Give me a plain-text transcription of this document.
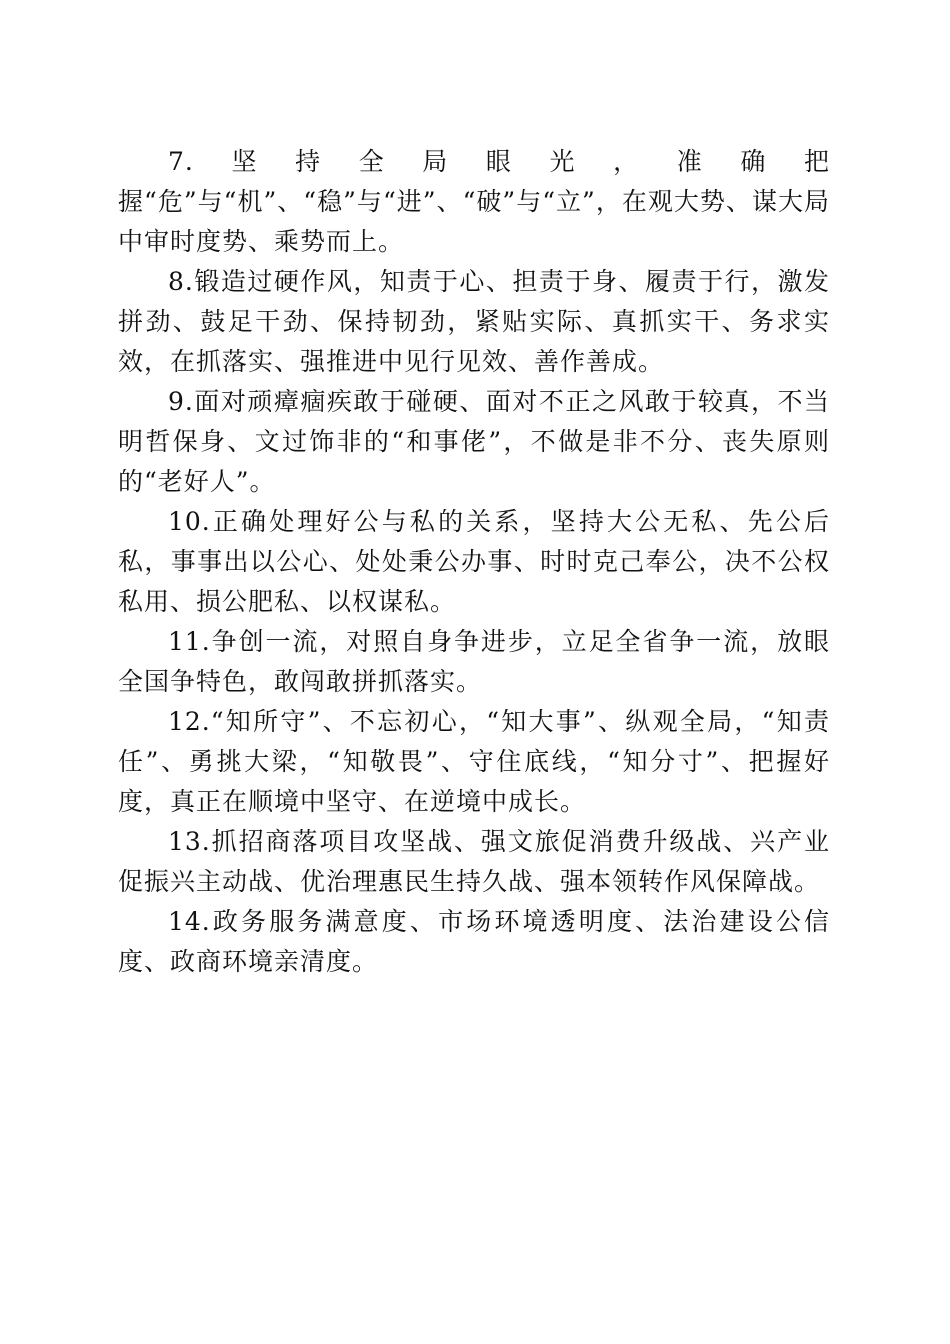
7.坚持全局眼光，准确把握“危”与“机”、“稳”与“进”、“破”与“立”，在观大势、谋大局中审时度势、乘势而上。

8.锻造过硬作风，知责于心、担责于身、履责于行，激发拼劲、鼓足干劲、保持韧劲，紧贴实际、真抓实干、务求实效，在抓落实、强推进中见行见效、善作善成。

9.面对顽瘴痼疾敢于碰硬、面对不正之风敢于较真，不当明哲保身、文过饰非的“和事佬”，不做是非不分、丧失原则的“老好人”。

10.正确处理好公与私的关系，坚持大公无私、先公后私，事事出以公心、处处秉公办事、时时克己奉公，决不公权私用、损公肥私、以权谋私。

11.争创一流，对照自身争进步，立足全省争一流，放眼全国争特色，敢闯敢拼抓落实。

12.“知所守”、不忘初心，“知大事”、纵观全局，“知责任”、勇挑大梁，“知敬畏”、守住底线，“知分寸”、把握好度，真正在顺境中坚守、在逆境中成长。

13.抓招商落项目攻坚战、强文旅促消费升级战、兴产业促振兴主动战、优治理惠民生持久战、强本领转作风保障战。

14.政务服务满意度、市场环境透明度、法治建设公信度、政商环境亲清度。
